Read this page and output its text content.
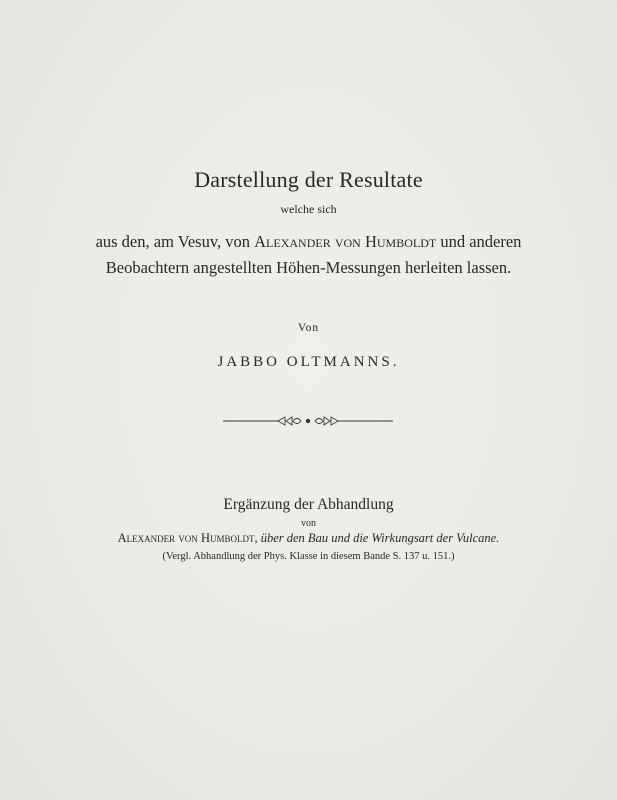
Darstellung der Resultate
welche sich
aus den, am Vesuv, von Alexander von Humboldt und anderen
Beobachtern angestellten Höhen-Messungen herleiten lassen.
Von
JABBO OLTMANNS.
Ergänzung der Abhandlung
von
Alexander von Humboldt, über den Bau und die Wirkungsart der Vulcane.
(Vergl. Abhandlung der Phys. Klasse in diesem Bande S. 137 u. 151.)
